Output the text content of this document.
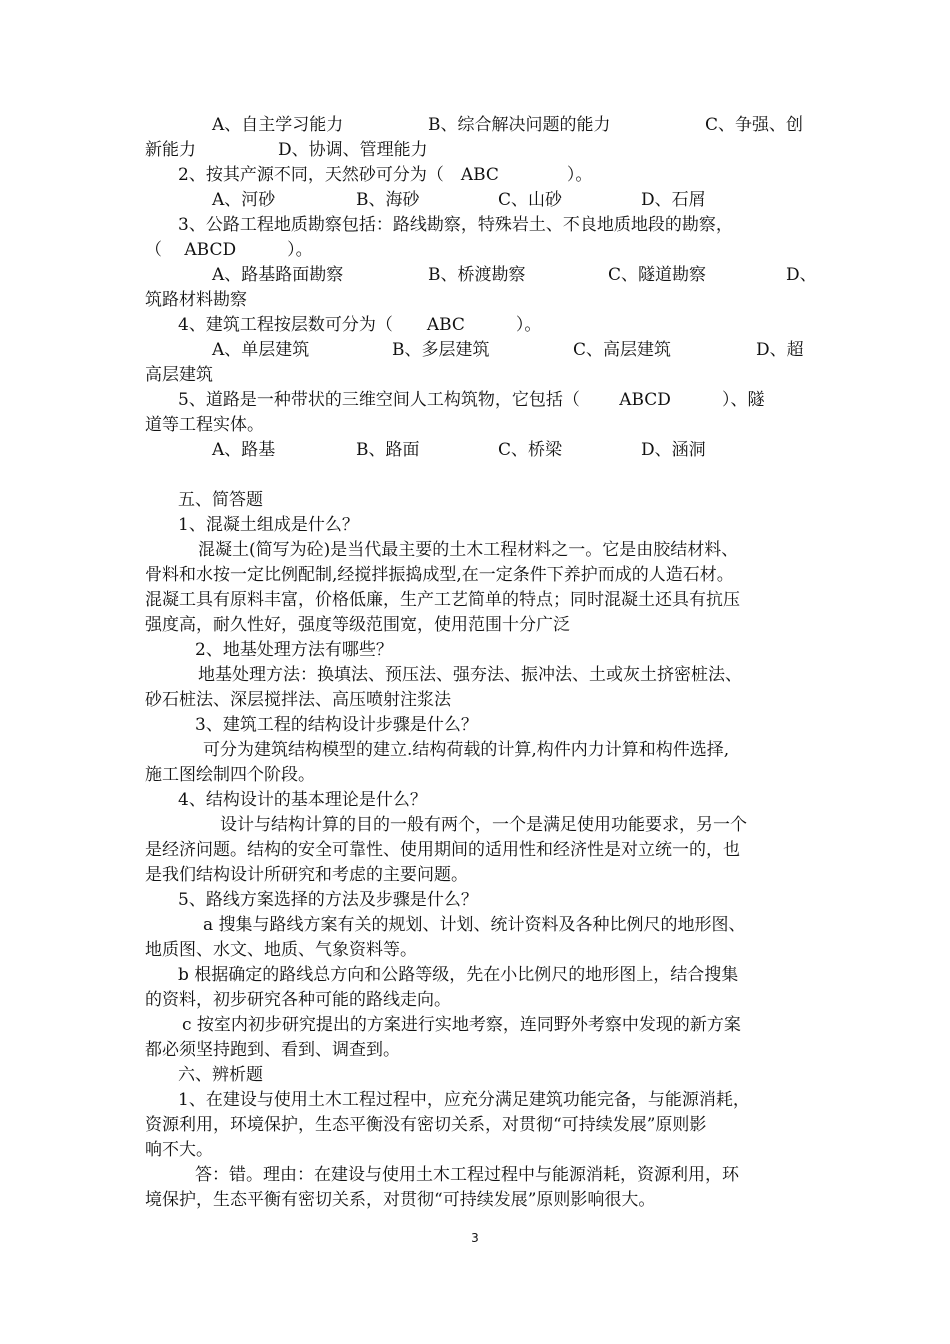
A、自主学习能力	B、综合解决问题的能力	C、争强、创
新能力	D、协调、管理能力
2、按其产源不同，天然砂可分为（　ABC　　　　）。
A、河砂	B、海砂	C、山砂	D、石屑
3、公路工程地质勘察包括：路线勘察，特殊岩土、不良地质地段的勘察，
（　 ABCD　　　）。
A、路基路面勘察	B、桥渡勘察	C、隧道勘察	D、
筑路材料勘察
4、建筑工程按层数可分为（　　ABC　　　）。
A、单层建筑	B、多层建筑	C、高层建筑	D、超
高层建筑
5、道路是一种带状的三维空间人工构筑物，它包括（　　 ABCD　　　）、隧
道等工程实体。
A、路基	B、路面	C、桥梁	D、涵洞
五、简答题
1、混凝土组成是什么？
混凝土(简写为砼)是当代最主要的土木工程材料之一。它是由胶结材料、
骨料和水按一定比例配制,经搅拌振捣成型,在一定条件下养护而成的人造石材。
混凝工具有原料丰富，价格低廉，生产工艺简单的特点；同时混凝土还具有抗压
强度高，耐久性好，强度等级范围宽，使用范围十分广泛
2、地基处理方法有哪些？
地基处理方法：换填法、预压法、强夯法、振冲法、土或灰土挤密桩法、
砂石桩法、深层搅拌法、高压喷射注浆法
3、建筑工程的结构设计步骤是什么？
可分为建筑结构模型的建立.结构荷载的计算,构件内力计算和构件选择,
施工图绘制四个阶段。
4、结构设计的基本理论是什么？
设计与结构计算的目的一般有两个，一个是满足使用功能要求，另一个
是经济问题。结构的安全可靠性、使用期间的适用性和经济性是对立统一的，也
是我们结构设计所研究和考虑的主要问题。
5、路线方案选择的方法及步骤是什么？
a 搜集与路线方案有关的规划、计划、统计资料及各种比例尺的地形图、
地质图、水文、地质、气象资料等。
b 根据确定的路线总方向和公路等级，先在小比例尺的地形图上，结合搜集
的资料，初步研究各种可能的路线走向。
c 按室内初步研究提出的方案进行实地考察，连同野外考察中发现的新方案
都必须坚持跑到、看到、调查到。
六、辨析题
1、在建设与使用土木工程过程中，应充分满足建筑功能完备，与能源消耗，
资源利用，环境保护，生态平衡没有密切关系，对贯彻“可持续发展”原则影
响不大。
答：错。理由：在建设与使用土木工程过程中与能源消耗，资源利用，环
境保护，生态平衡有密切关系，对贯彻“可持续发展”原则影响很大。
3
